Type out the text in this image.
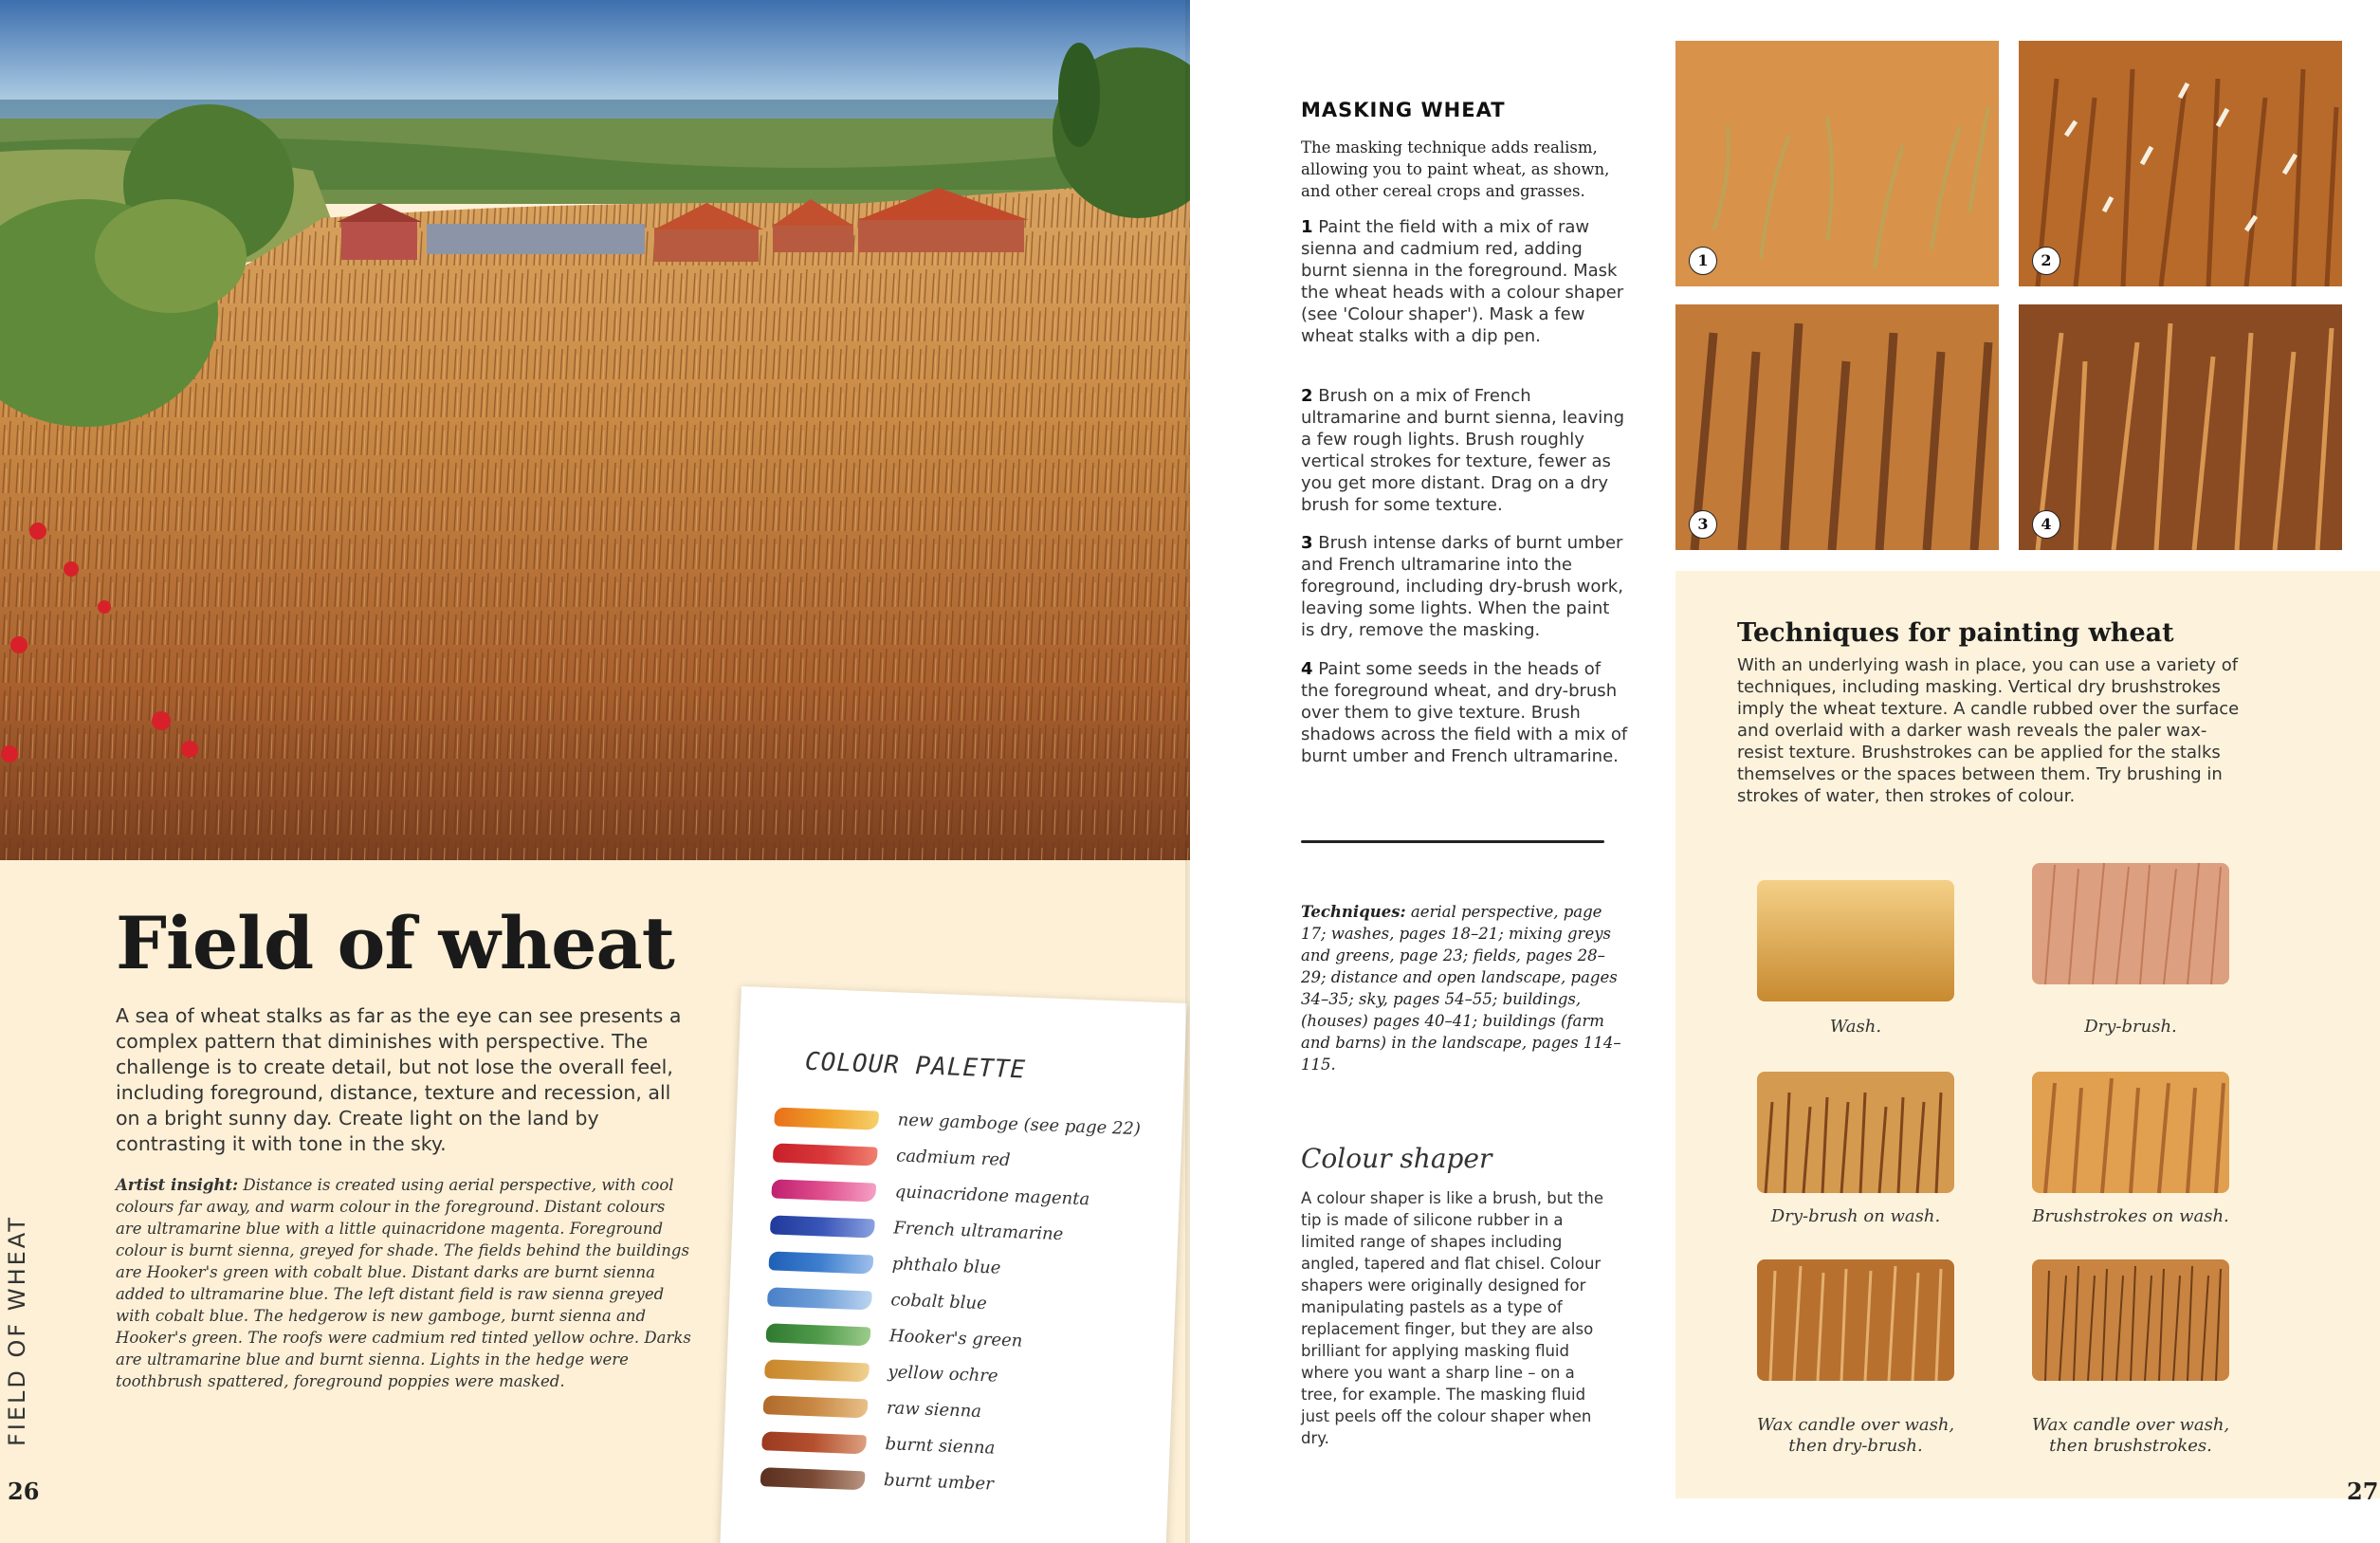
Field of wheat
A sea of wheat stalks as far as the eye can see presents a complex pattern that diminishes with perspective. The challenge is to create detail, but not lose the overall feel, including foreground, distance, texture and recession, all on a bright sunny day. Create light on the land by contrasting it with tone in the sky.
Artist insight: Distance is created using aerial perspective, with cool colours far away, and warm colour in the foreground. Distant colours are ultramarine blue with a little quinacridone magenta. Foreground colour is burnt sienna, greyed for shade. The fields behind the buildings are Hooker's green with cobalt blue. Distant darks are burnt sienna added to ultramarine blue. The left distant field is raw sienna greyed with cobalt blue. The hedgerow is new gamboge, burnt sienna and Hooker's green. The roofs were cadmium red tinted yellow ochre. Darks are ultramarine blue and burnt sienna. Lights in the hedge were toothbrush spattered, foreground poppies were masked.
FIELD OF WHEAT
26
COLOUR PALETTE
new gamboge (see page 22)
cadmium red
quinacridone magenta
French ultramarine
phthalo blue
cobalt blue
Hooker's green
yellow ochre
raw sienna
burnt sienna
burnt umber
MASKING WHEAT
The masking technique adds realism, allowing you to paint wheat, as shown, and other cereal crops and grasses.
1 Paint the field with a mix of raw sienna and cadmium red, adding burnt sienna in the foreground. Mask the wheat heads with a colour shaper (see 'Colour shaper'). Mask a few wheat stalks with a dip pen.
2 Brush on a mix of French ultramarine and burnt sienna, leaving a few rough lights. Brush roughly vertical strokes for texture, fewer as you get more distant. Drag on a dry brush for some texture.
3 Brush intense darks of burnt umber and French ultramarine into the foreground, including dry-brush work, leaving some lights. When the paint is dry, remove the masking.
4 Paint some seeds in the heads of the foreground wheat, and dry-brush over them to give texture. Brush shadows across the field with a mix of burnt umber and French ultramarine.
Techniques: aerial perspective, page 17; washes, pages 18–21; mixing greys and greens, page 23; fields, pages 28–29; distance and open landscape, pages 34–35; sky, pages 54–55; buildings, (houses) pages 40–41; buildings (farm and barns) in the landscape, pages 114–115.
Colour shaper
A colour shaper is like a brush, but the tip is made of silicone rubber in a limited range of shapes including angled, tapered and flat chisel. Colour shapers were originally designed for manipulating pastels as a type of replacement finger, but they are also brilliant for applying masking fluid where you want a sharp line – on a tree, for example. The masking fluid just peels off the colour shaper when dry.
1	2
3	4
Techniques for painting wheat
With an underlying wash in place, you can use a variety of techniques, including masking. Vertical dry brushstrokes imply the wheat texture. A candle rubbed over the surface and overlaid with a darker wash reveals the paler wax-resist texture. Brushstrokes can be applied for the stalks themselves or the spaces between them. Try brushing in strokes of water, then strokes of colour.
Wash.	Dry-brush.
Dry-brush on wash.	Brushstrokes on wash.
Wax candle over wash, then dry-brush.
Wax candle over wash, then brushstrokes.
27
